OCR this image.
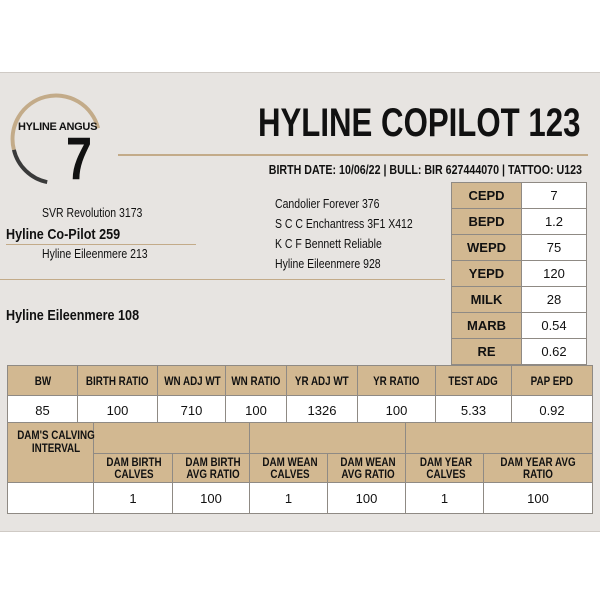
HYLINE ANGUS
7
HYLINE COPILOT 123
BIRTH DATE: 10/06/22 | BULL: BIR 627444070 | TATTOO: U123
SVR Revolution 3173
Hyline Co-Pilot 259
Hyline Eileenmere 213
Candolier Forever 376
S C C Enchantress 3F1 X412
K C F Bennett Reliable
Hyline Eileenmere 928
Hyline Eileenmere 108
CEPD	7
BEPD	1.2
WEPD	75
YEPD	120
MILK	28
MARB	0.54
RE	0.62
BW	BIRTH RATIO	WN ADJ WT	WN RATIO	YR ADJ WT	YR RATIO	TEST ADG	PAP EPD
85	100	710	100	1326	100	5.33	0.92
DAM'S CALVING INTERVAL						
	DAM BIRTH CALVES	DAM BIRTH AVG RATIO	DAM WEAN CALVES	DAM WEAN AVG RATIO	DAM YEAR CALVES	DAM YEAR AVG RATIO
	1	100	1	100	1	100
